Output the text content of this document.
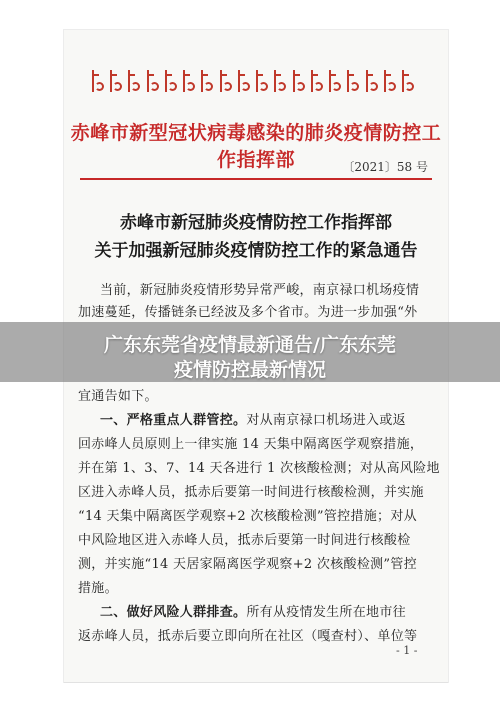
赤峰市新型冠状病毒感染的肺炎疫情防控工作指挥部	〔2021〕58 号
赤峰市新冠肺炎疫情防控工作指挥部
关于加强新冠肺炎疫情防控工作的紧急通告
当前，新冠肺炎疫情形势异常严峻，南京禄口机场疫情
加速蔓延，传播链条已经波及多个省市。为进一步加强“外
宜通告如下。
一、严格重点人群管控。对从南京禄口机场进入或返
回赤峰人员原则上一律实施 14 天集中隔离医学观察措施，
并在第 1、3、7、14 天各进行 1 次核酸检测；对从高风险地
区进入赤峰人员，抵赤后要第一时间进行核酸检测，并实施
“14 天集中隔离医学观察+2 次核酸检测”管控措施；对从
中风险地区进入赤峰人员，抵赤后要第一时间进行核酸检
测，并实施“14 天居家隔离医学观察+2 次核酸检测”管控
措施。
二、做好风险人群排查。所有从疫情发生所在地市往
返赤峰人员，抵赤后要立即向所在社区（嘎查村）、单位等
- 1 -
广东东莞省疫情最新通告/广东东莞
疫情防控最新情况
